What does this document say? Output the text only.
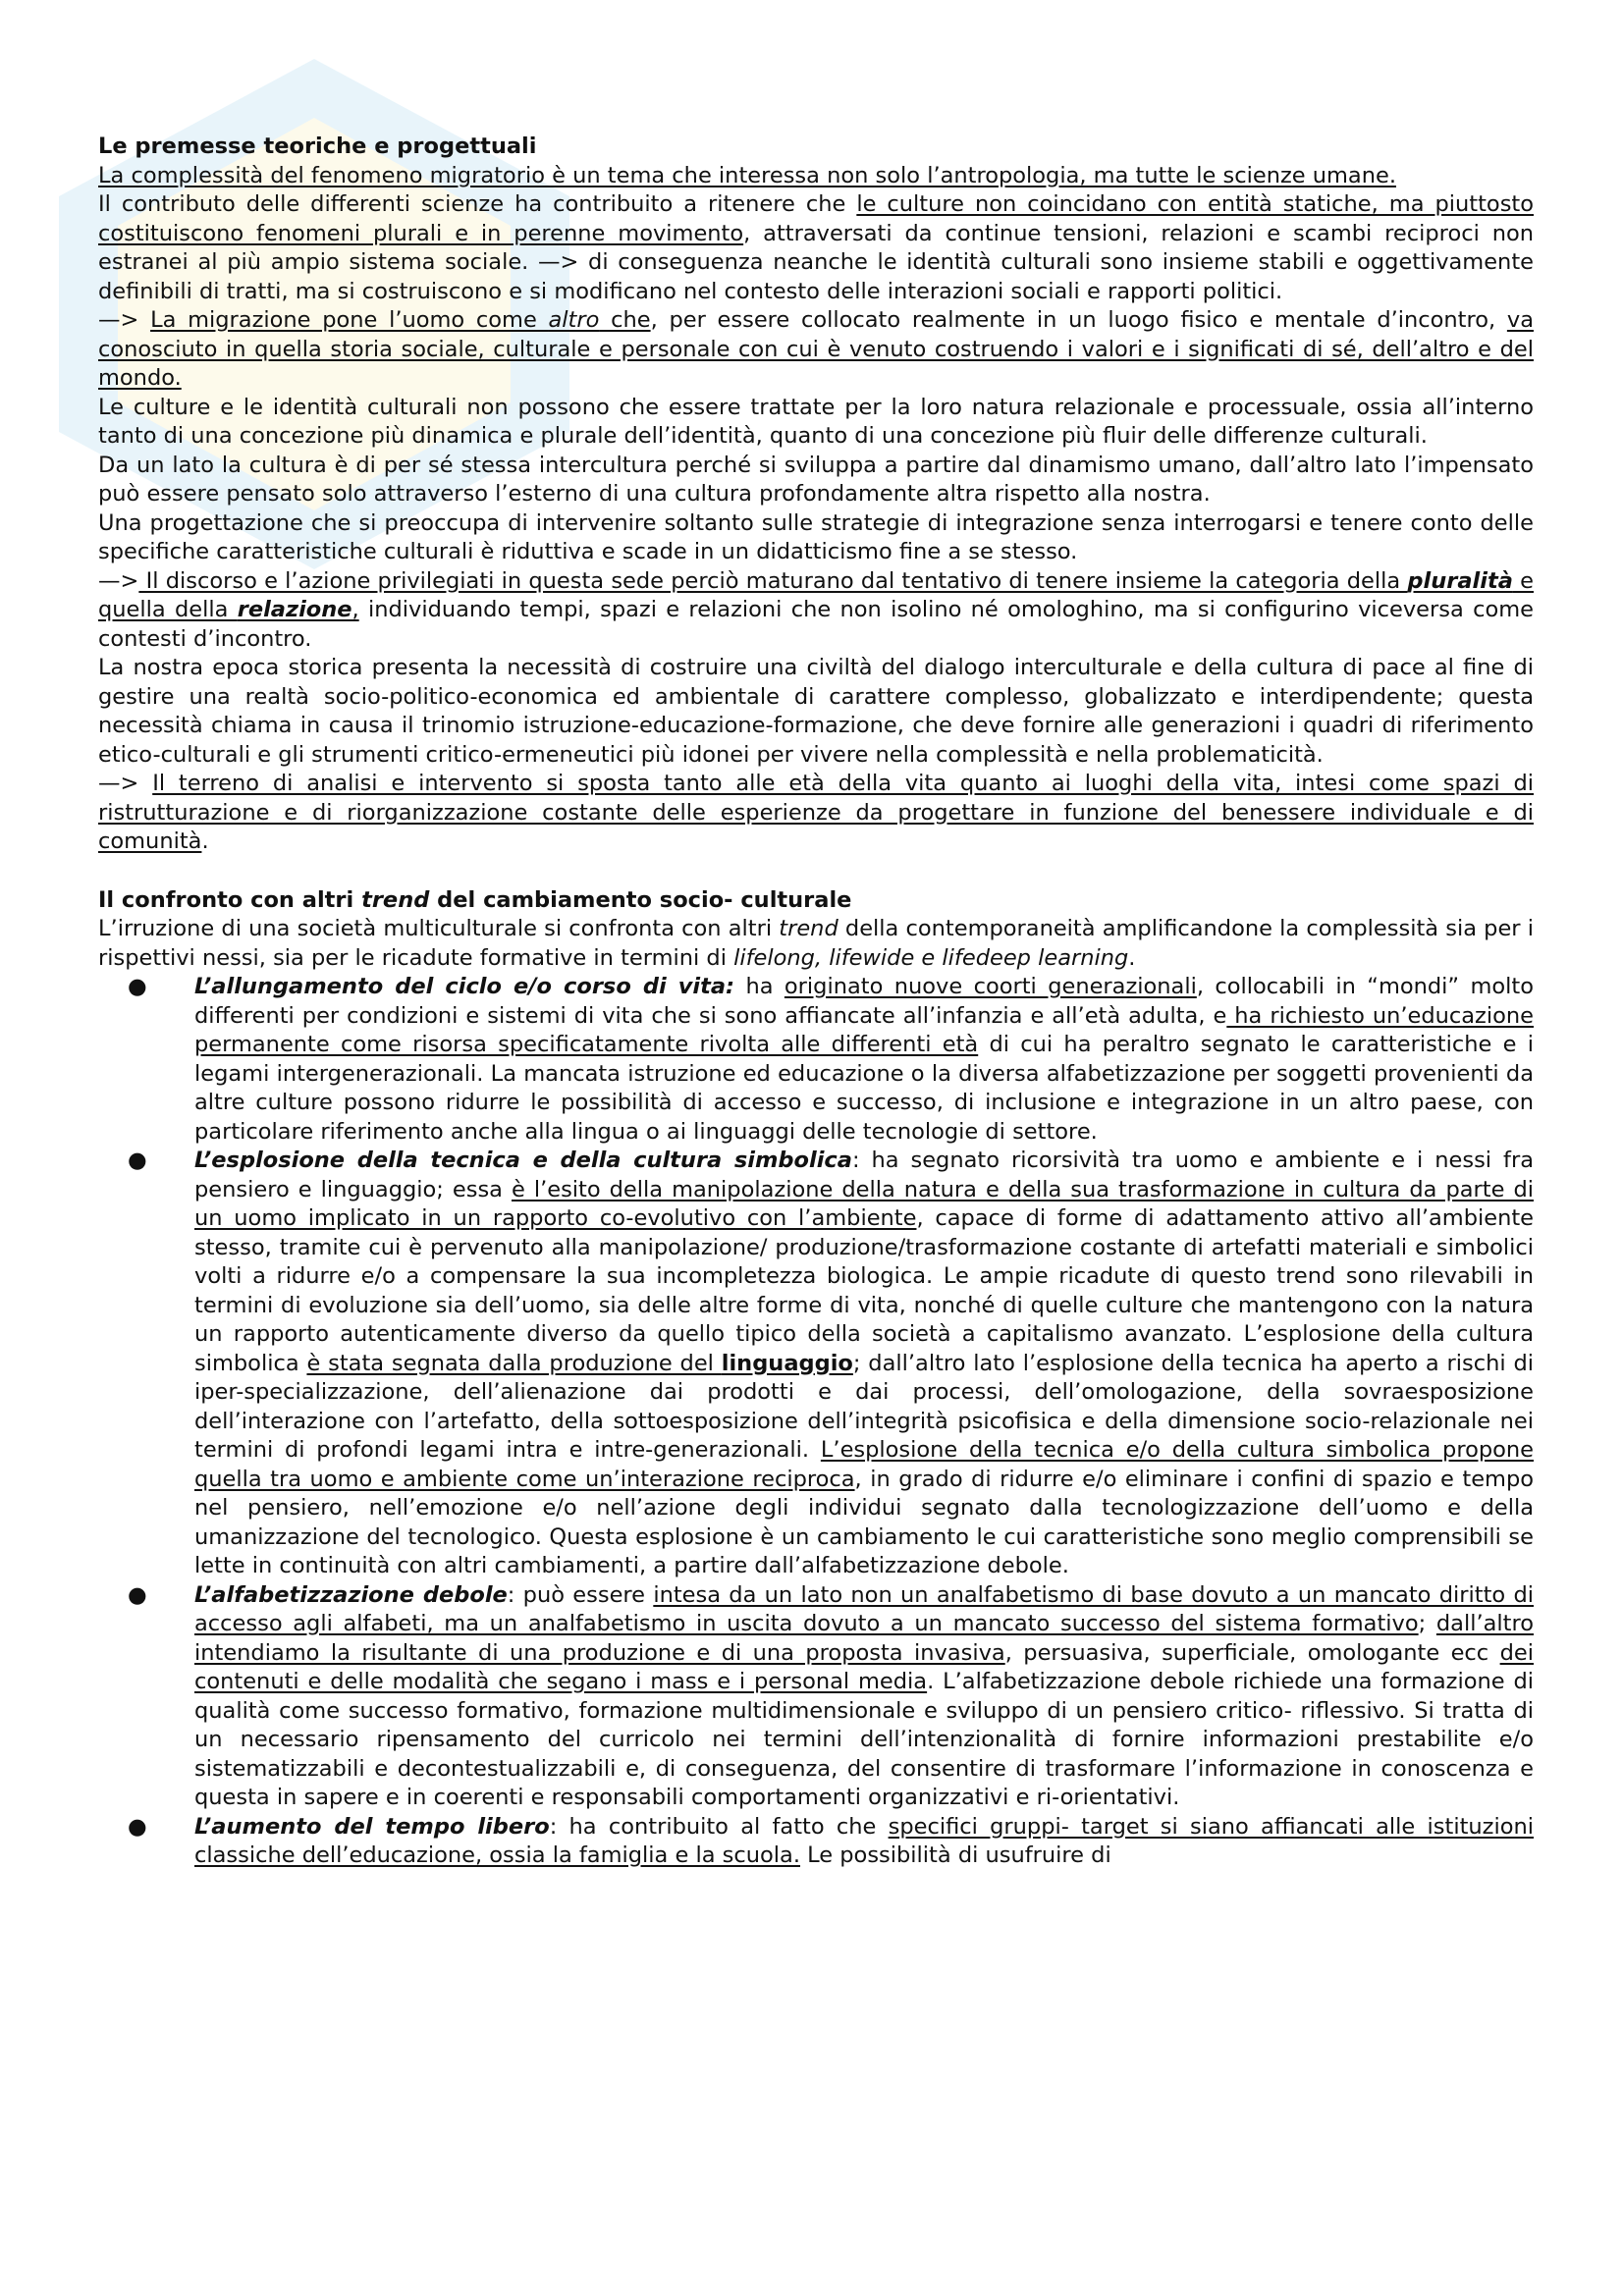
Le premesse teoriche e progettuali

La complessità del fenomeno migratorio è un tema che interessa non solo l’antropologia, ma tutte le scienze umane.

Il contributo delle differenti scienze ha contribuito a ritenere che le culture non coincidano con entità statiche, ma piuttosto costituiscono fenomeni plurali e in perenne movimento, attraversati da continue tensioni, relazioni e scambi reciproci non estranei al più ampio sistema sociale. —> di conseguenza neanche le identità culturali sono insieme stabili e oggettivamente definibili di tratti, ma si costruiscono e si modificano nel contesto delle interazioni sociali e rapporti politici.

—> La migrazione pone l’uomo come altro che, per essere collocato realmente in un luogo fisico e mentale d’incontro, va conosciuto in quella storia sociale, culturale e personale con cui è venuto costruendo i valori e i significati di sé, dell’altro e del mondo.

Le culture e le identità culturali non possono che essere trattate per la loro natura relazionale e processuale, ossia all’interno tanto di una concezione più dinamica e plurale dell’identità, quanto di una concezione più fluir delle differenze culturali.

Da un lato la cultura è di per sé stessa intercultura perché si sviluppa a partire dal dinamismo umano, dall’altro lato l’impensato può essere pensato solo attraverso l’esterno di una cultura profondamente altra rispetto alla nostra.

Una progettazione che si preoccupa di intervenire soltanto sulle strategie di integrazione senza interrogarsi e tenere conto delle specifiche caratteristiche culturali è riduttiva e scade in un didatticismo fine a se stesso.

—> Il discorso e l’azione privilegiati in questa sede perciò maturano dal tentativo di tenere insieme la categoria della pluralità e quella della relazione, individuando tempi, spazi e relazioni che non isolino né omologhino, ma si configurino viceversa come contesti d’incontro.

La nostra epoca storica presenta la necessità di costruire una civiltà del dialogo interculturale e della cultura di pace al fine di gestire una realtà socio-politico-economica ed ambientale di carattere complesso, globalizzato e interdipendente; questa necessità chiama in causa il trinomio istruzione-educazione-formazione, che deve fornire alle generazioni i quadri di riferimento etico-culturali e gli strumenti critico-ermeneutici più idonei per vivere nella complessità e nella problematicità.

—> Il terreno di analisi e intervento si sposta tanto alle età della vita quanto ai luoghi della vita, intesi come spazi di ristrutturazione e di riorganizzazione costante delle esperienze da progettare in funzione del benessere individuale e di comunità.

Il confronto con altri trend del cambiamento socio- culturale

L’irruzione di una società multiculturale si confronta con altri trend della contemporaneità amplificandone la complessità sia per i rispettivi nessi, sia per le ricadute formative in termini di lifelong, lifewide e lifedeep learning.

● L’allungamento del ciclo e/o corso di vita: ha originato nuove coorti generazionali, collocabili in “mondi” molto differenti per condizioni e sistemi di vita che si sono affiancate all’infanzia e all’età adulta, e ha richiesto un’educazione permanente come risorsa specificatamente rivolta alle differenti età di cui ha peraltro segnato le caratteristiche e i legami intergenerazionali. La mancata istruzione ed educazione o la diversa alfabetizzazione per soggetti provenienti da altre culture possono ridurre le possibilità di accesso e successo, di inclusione e integrazione in un altro paese, con particolare riferimento anche alla lingua o ai linguaggi delle tecnologie di settore.
● L’esplosione della tecnica e della cultura simbolica: ha segnato ricorsività tra uomo e ambiente e i nessi fra pensiero e linguaggio; essa è l’esito della manipolazione della natura e della sua trasformazione in cultura da parte di un uomo implicato in un rapporto co-evolutivo con l’ambiente, capace di forme di adattamento attivo all’ambiente stesso, tramite cui è pervenuto alla manipolazione/ produzione/trasformazione costante di artefatti materiali e simbolici volti a ridurre e/o a compensare la sua incompletezza biologica. Le ampie ricadute di questo trend sono rilevabili in termini di evoluzione sia dell’uomo, sia delle altre forme di vita, nonché di quelle culture che mantengono con la natura un rapporto autenticamente diverso da quello tipico della società a capitalismo avanzato. L’esplosione della cultura simbolica è stata segnata dalla produzione del linguaggio; dall’altro lato l’esplosione della tecnica ha aperto a rischi di iper-specializzazione, dell’alienazione dai prodotti e dai processi, dell’omologazione, della sovraesposizione dell’interazione con l’artefatto, della sottoesposizione dell’integrità psicofisica e della dimensione socio-relazionale nei termini di profondi legami intra e intre-generazionali. L’esplosione della tecnica e/o della cultura simbolica propone quella tra uomo e ambiente come un’interazione reciproca, in grado di ridurre e/o eliminare i confini di spazio e tempo nel pensiero, nell’emozione e/o nell’azione degli individui segnato dalla tecnologizzazione dell’uomo e della umanizzazione del tecnologico. Questa esplosione è un cambiamento le cui caratteristiche sono meglio comprensibili se lette in continuità con altri cambiamenti, a partire dall’alfabetizzazione debole.
● L’alfabetizzazione debole: può essere intesa da un lato non un analfabetismo di base dovuto a un mancato diritto di accesso agli alfabeti, ma un analfabetismo in uscita dovuto a un mancato successo del sistema formativo; dall’altro intendiamo la risultante di una produzione e di una proposta invasiva, persuasiva, superficiale, omologante ecc dei contenuti e delle modalità che segano i mass e i personal media. L’alfabetizzazione debole richiede una formazione di qualità come successo formativo, formazione multidimensionale e sviluppo di un pensiero critico- riflessivo. Si tratta di un necessario ripensamento del curricolo nei termini dell’intenzionalità di fornire informazioni prestabilite e/o sistematizzabili e decontestualizzabili e, di conseguenza, del consentire di trasformare l’informazione in conoscenza e questa in sapere e in coerenti e responsabili comportamenti organizzativi e ri-orientativi.
● L’aumento del tempo libero: ha contribuito al fatto che specifici gruppi- target si siano affiancati alle istituzioni classiche dell’educazione, ossia la famiglia e la scuola. Le possibilità di usufruire di
